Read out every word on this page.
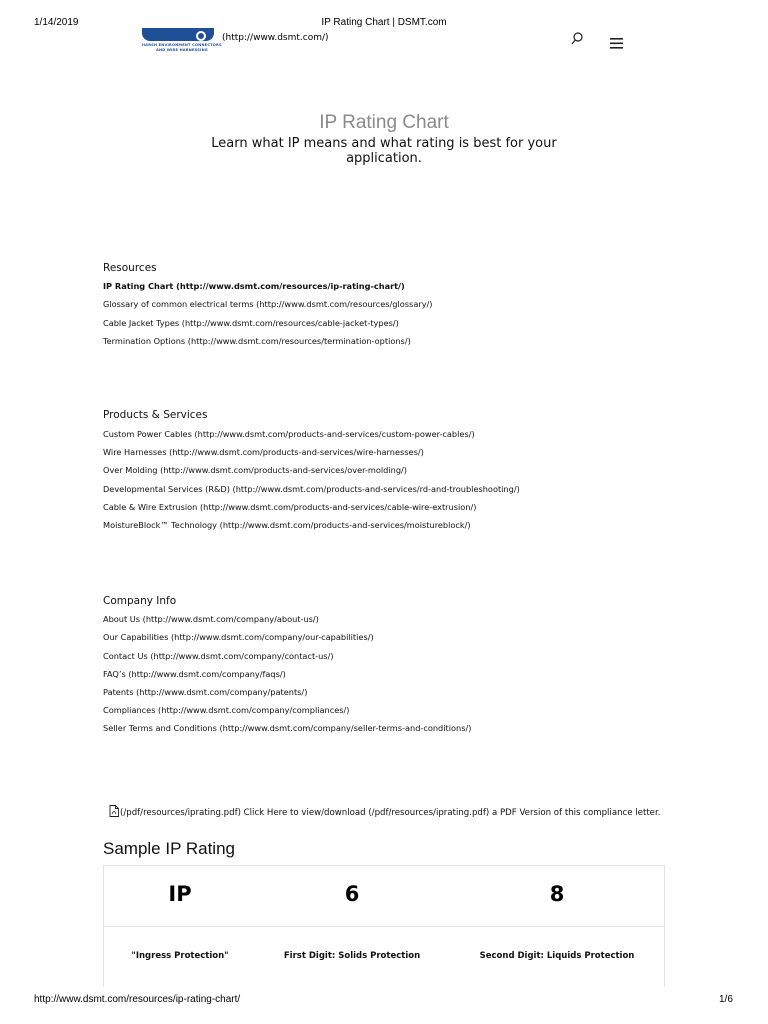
1/14/2019	IP Rating Chart | DSMT.com
HARSH ENVIRONMENT CONNECTORS
AND WIRE HARNESSING
(http://www.dsmt.com/)
IP Rating Chart
Learn what IP means and what rating is best for your application.
Resources
IP Rating Chart (http://www.dsmt.com/resources/ip-rating-chart/)
Glossary of common electrical terms (http://www.dsmt.com/resources/glossary/)
Cable Jacket Types (http://www.dsmt.com/resources/cable-jacket-types/)
Termination Options (http://www.dsmt.com/resources/termination-options/)
Products & Services
Custom Power Cables (http://www.dsmt.com/products-and-services/custom-power-cables/)
Wire Harnesses (http://www.dsmt.com/products-and-services/wire-harnesses/)
Over Molding (http://www.dsmt.com/products-and-services/over-molding/)
Developmental Services (R&D) (http://www.dsmt.com/products-and-services/rd-and-troubleshooting/)
Cable & Wire Extrusion (http://www.dsmt.com/products-and-services/cable-wire-extrusion/)
MoistureBlock™ Technology (http://www.dsmt.com/products-and-services/moistureblock/)
Company Info
About Us (http://www.dsmt.com/company/about-us/)
Our Capabilities (http://www.dsmt.com/company/our-capabilities/)
Contact Us (http://www.dsmt.com/company/contact-us/)
FAQ’s (http://www.dsmt.com/company/faqs/)
Patents (http://www.dsmt.com/company/patents/)
Compliances (http://www.dsmt.com/company/compliances/)
Seller Terms and Conditions (http://www.dsmt.com/company/seller-terms-and-conditions/)
(/pdf/resources/iprating.pdf) Click Here to view/download (/pdf/resources/iprating.pdf) a PDF Version of this compliance letter.
Sample IP Rating
IP	6	8
"Ingress Protection"	First Digit: Solids Protection	Second Digit: Liquids Protection
http://www.dsmt.com/resources/ip-rating-chart/	1/6
